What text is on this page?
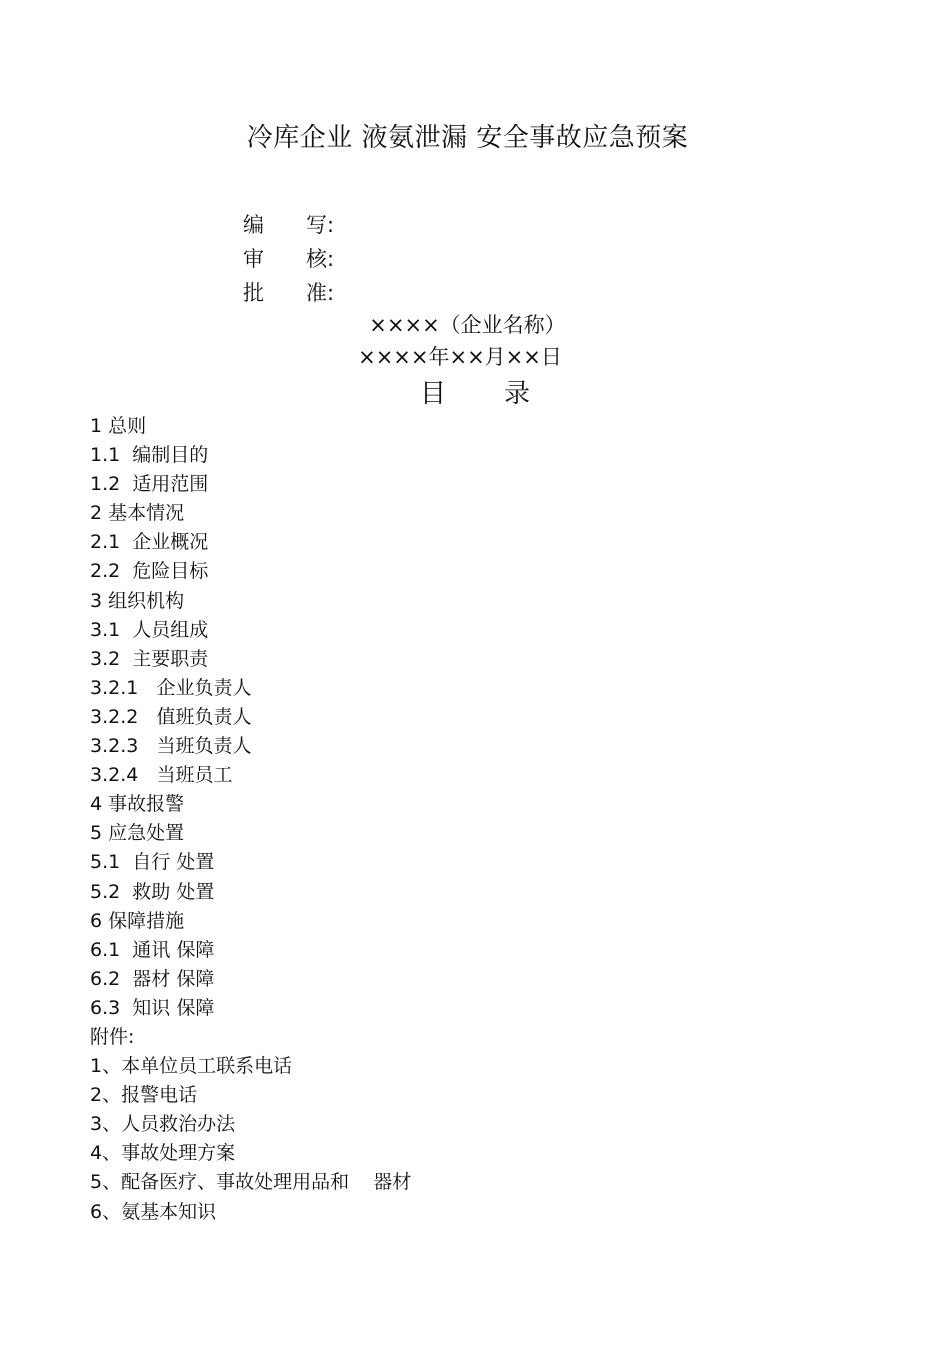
冷库企业 液氨泄漏 安全事故应急预案
编写:
审核:
批准:
××××（企业名称）
××××年××月××日
目 录
1 总则
1.1  编制目的
1.2  适用范围
2 基本情况
2.1  企业概况
2.2  危险目标
3 组织机构
3.1  人员组成
3.2  主要职责
3.2.1   企业负责人
3.2.2   值班负责人
3.2.3   当班负责人
3.2.4   当班员工
4 事故报警
5 应急处置
5.1  自行 处置
5.2  救助 处置
6 保障措施
6.1  通讯 保障
6.2  器材 保障
6.3  知识 保障
附件:
1、本单位员工联系电话
2、报警电话
3、人员救治办法
4、事故处理方案
5、配备医疗、事故处理用品和    器材
6、氨基本知识
